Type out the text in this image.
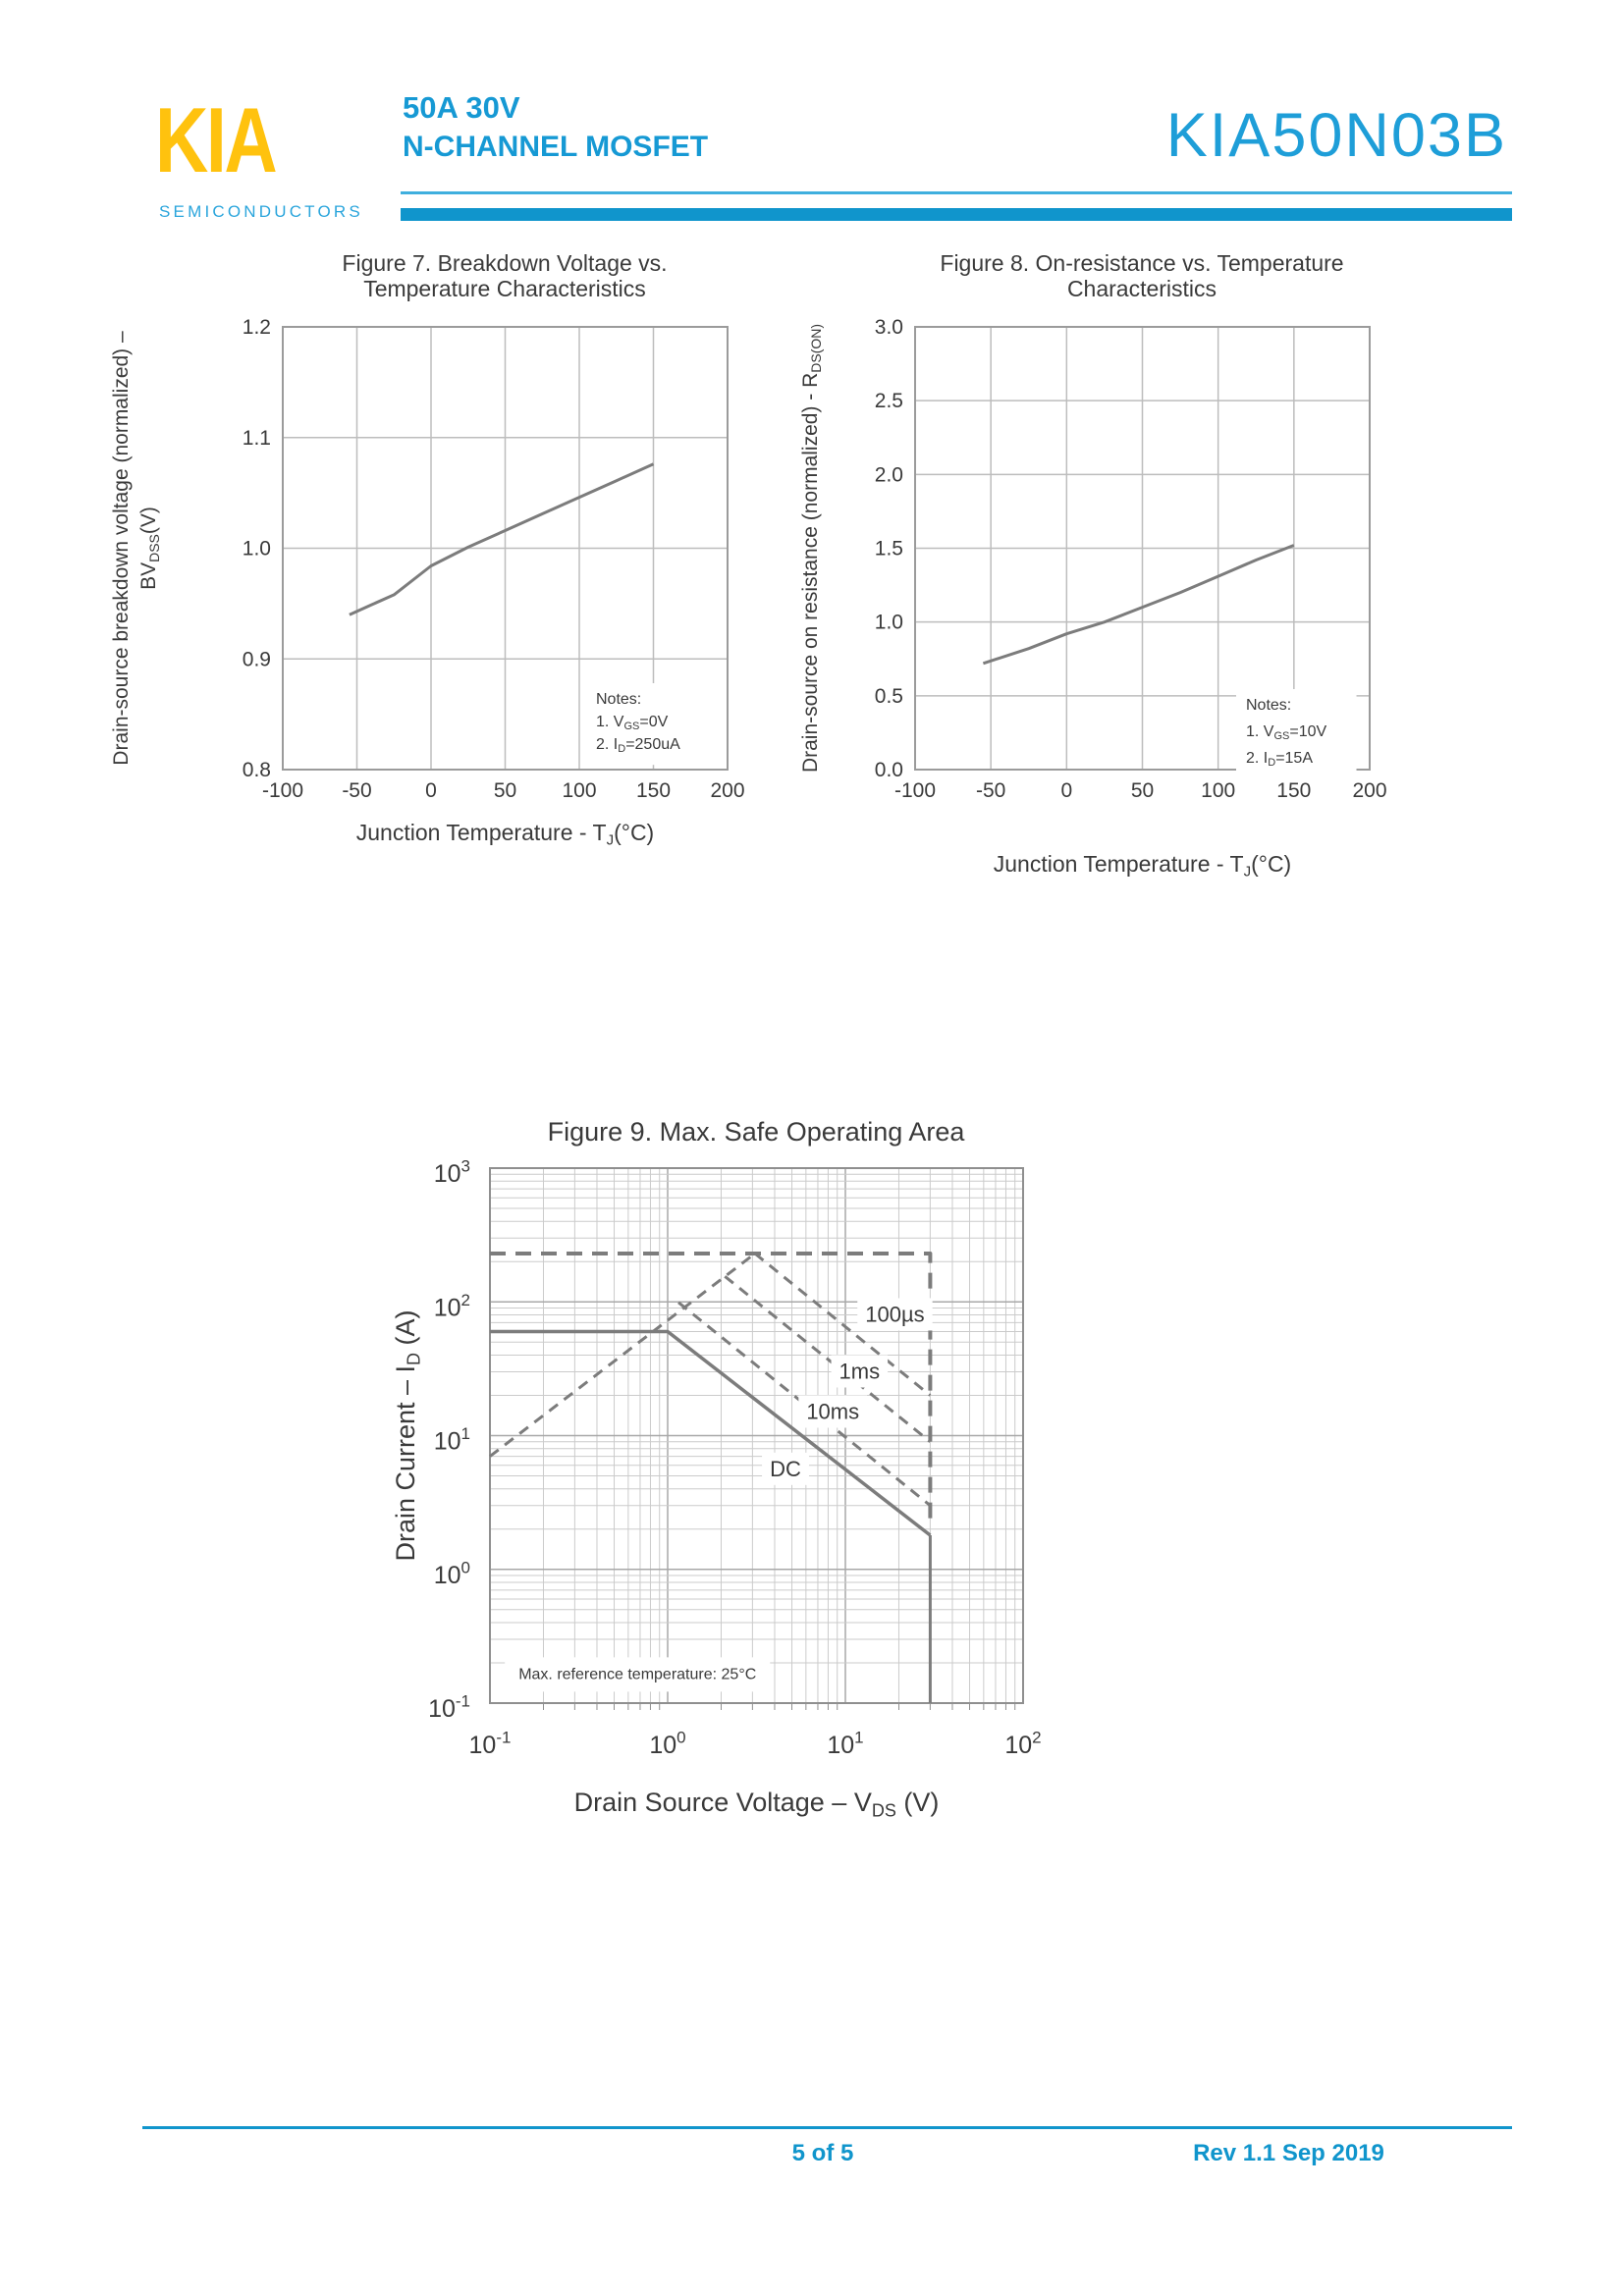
KIA
SEMICONDUCTORS
50A 30V
N-CHANNEL MOSFET	KIA50N03B
Notes:
1. $V_{GS}=0V$
2. $I_D=250uA$
-100 -50	0	50 100 150 200
0.8
0.9
1.0
1.1
1.2
Figure 7. Breakdown Voltage vs.
Temperature Characteristics
Junction Temperature - TJ(°C)
Drain-source breakdown voltage (normalized) – $BV_{DSS}(V)$
Notes:
1. $V_{GS}=10V$
2. $I_D=15A$
-100 -50	0	50 100 150 200
0.0
0.5
1.0
1.5
2.0
2.5
3.0
Figure 8. On-resistance vs. Temperature
Characteristics
Junction Temperature - TJ(°C)
Drain-source on resistance (normalized) - $R_{DS(ON)}$
100µs
1ms
10ms
DC
Max. reference temperature: 25°C
$10^{-1}$	$10^0$	$10^1$	$10^2$
$10^{-1}$
$10^0$
$10^1$
$10^2$
$10^3$
Figure 9. Max. Safe Operating Area
Drain Source Voltage – $V_{DS}$ (V)
Drain Current – $I_D$ (A)
5 of 5	Rev 1.1 Sep 2019
